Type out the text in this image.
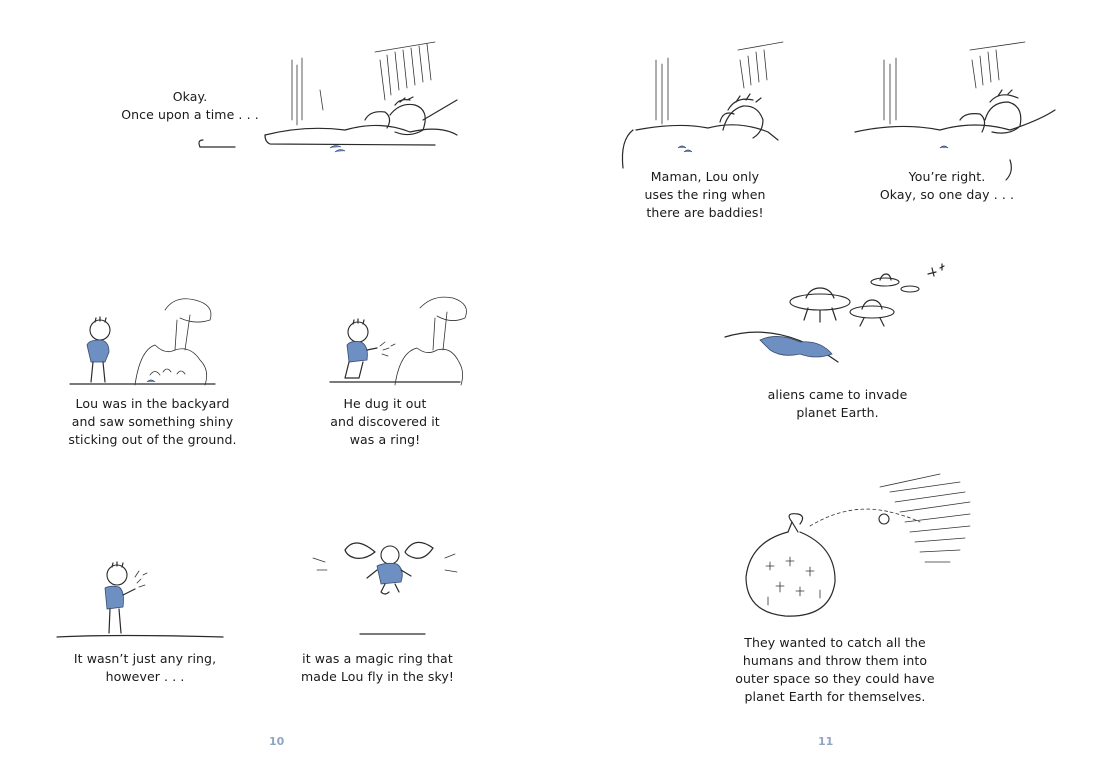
Okay.
Once upon a time . . .
Lou was in the backyard
and saw something shiny
sticking out of the ground.
He dug it out
and discovered it
was a ring!
It wasn’t just any ring,
however . . .
it was a magic ring that
made Lou fly in the sky!
10
Maman, Lou only
uses the ring when
there are baddies!
You’re right.
Okay, so one day . . .
aliens came to invade
planet Earth.
They wanted to catch all the
humans and throw them into
outer space so they could have
planet Earth for themselves.
11
